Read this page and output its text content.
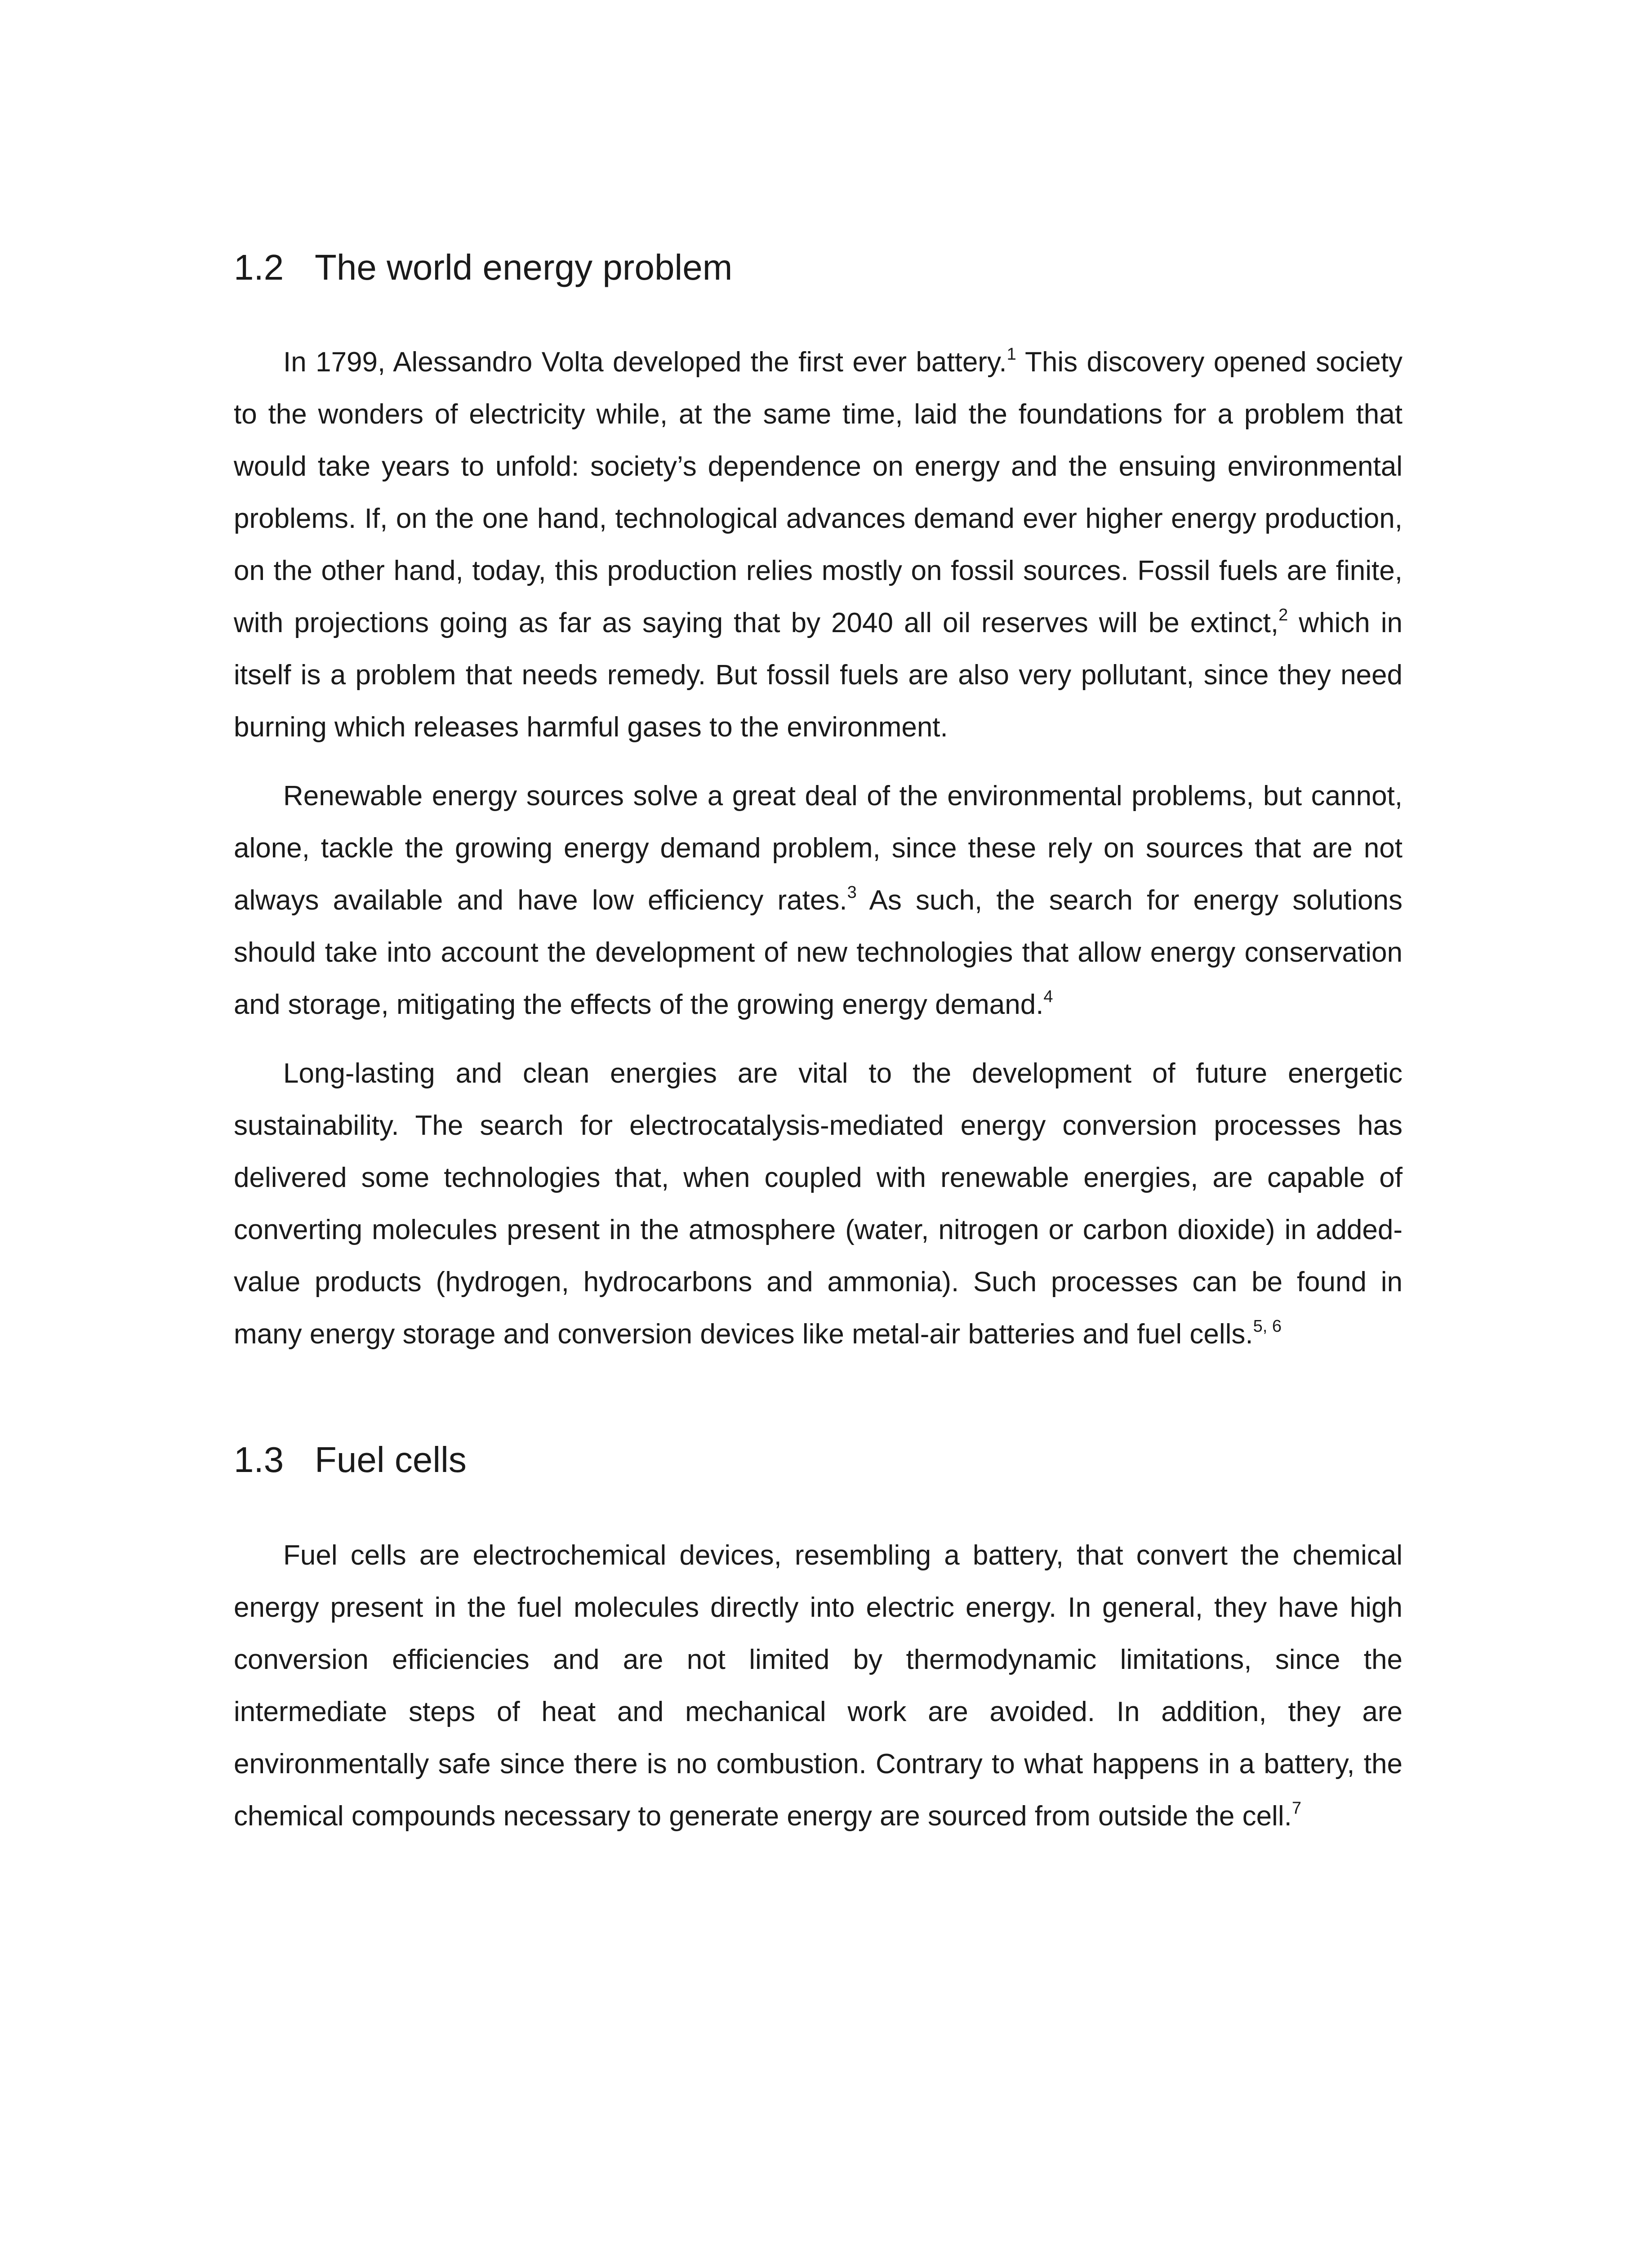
1.2 The world energy problem

In 1799, Alessandro Volta developed the first ever battery.$^1$ This discovery opened society to the wonders of electricity while, at the same time, laid the foundations for a problem that would take years to unfold: society’s dependence on energy and the ensuing environmental problems. If, on the one hand, technological advances demand ever higher energy production, on the other hand, today, this production relies mostly on fossil sources. Fossil fuels are finite, with projections going as far as saying that by 2040 all oil reserves will be extinct,$^2$ which in itself is a problem that needs remedy. But fossil fuels are also very pollutant, since they need burning which releases harmful gases to the environment.

Renewable energy sources solve a great deal of the environmental problems, but cannot, alone, tackle the growing energy demand problem, since these rely on sources that are not always available and have low efficiency rates.$^3$ As such, the search for energy solutions should take into account the development of new technologies that allow energy conservation and storage, mitigating the effects of the growing energy demand.$^4$

Long-lasting and clean energies are vital to the development of future energetic sustainability. The search for electrocatalysis-mediated energy conversion processes has delivered some technologies that, when coupled with renewable energies, are capable of converting molecules present in the atmosphere (water, nitrogen or carbon dioxide) in added-value products (hydrogen, hydrocarbons and ammonia). Such processes can be found in many energy storage and conversion devices like metal-air batteries and fuel cells.$^{5, 6}$

1.3 Fuel cells

Fuel cells are electrochemical devices, resembling a battery, that convert the chemical energy present in the fuel molecules directly into electric energy. In general, they have high conversion efficiencies and are not limited by thermodynamic limitations, since the intermediate steps of heat and mechanical work are avoided. In addition, they are environmentally safe since there is no combustion. Contrary to what happens in a battery, the chemical compounds necessary to generate energy are sourced from outside the cell.$^7$
